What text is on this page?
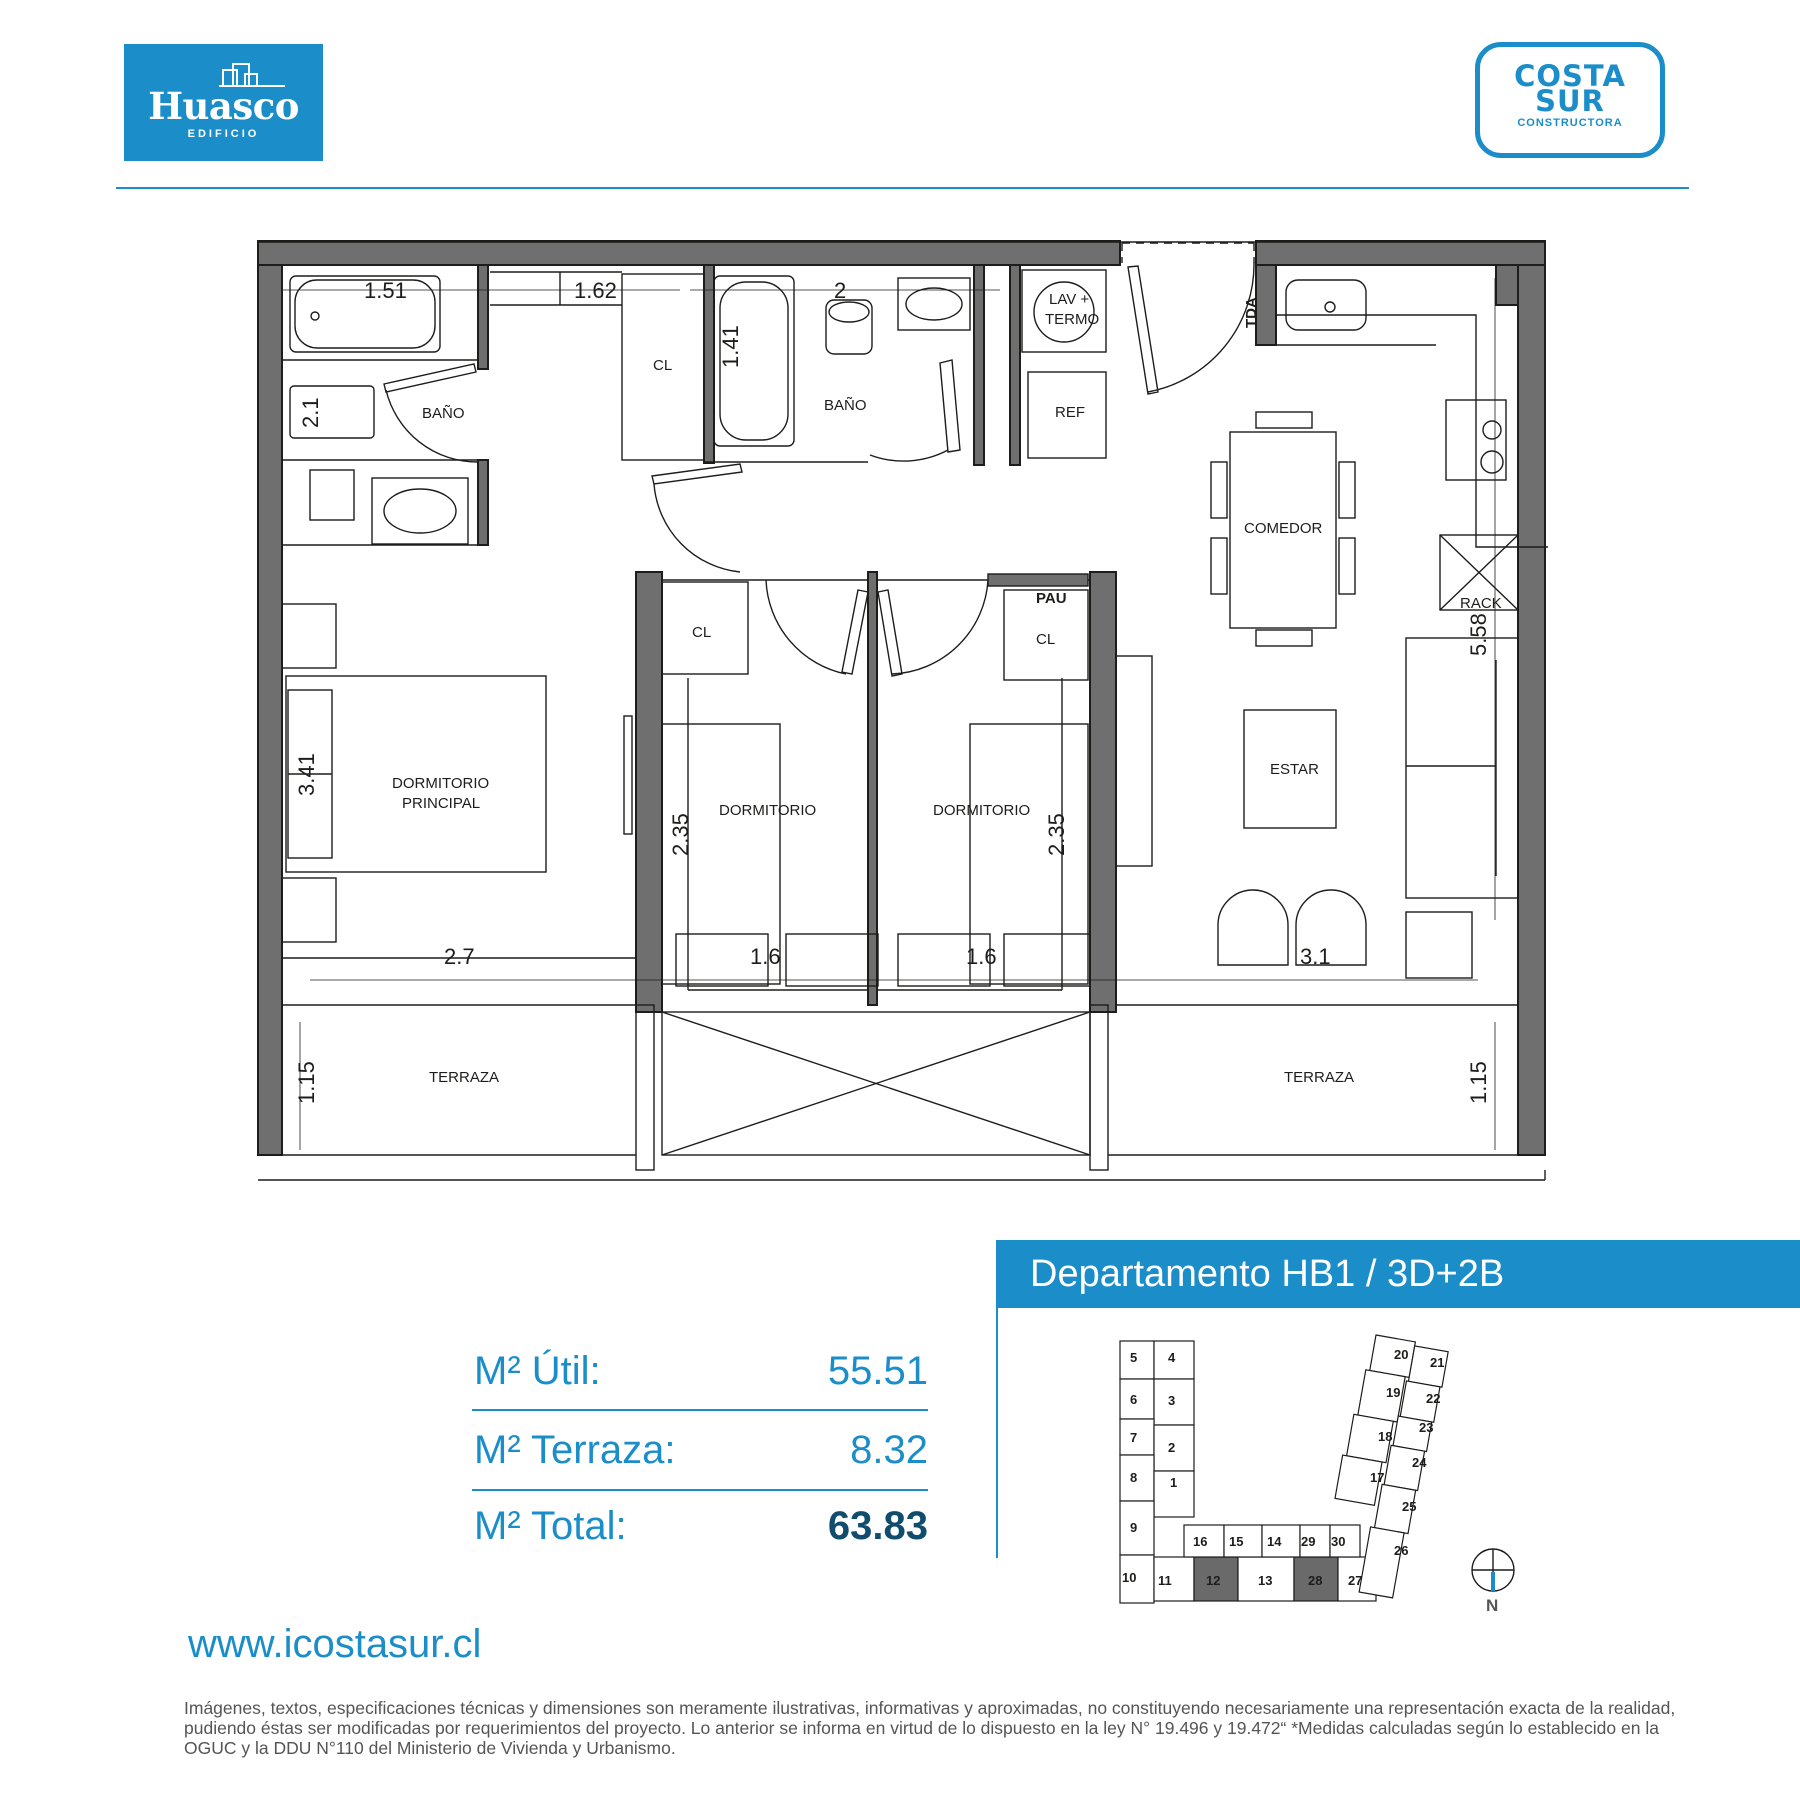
Huasco
EDIFICIO
COSTA
SUR
CONSTRUCTORA
BAÑO
CL
BAÑO
LAV +
TERMO
REF
TDA
COMEDOR
RACK
CL
PAU
CL
DORMITORIO
PRINCIPAL	DORMITORIO	DORMITORIO
ESTAR
TERRAZA	TERRAZA
1.51	1.62	2
1.41
2.1
3.41
2.35	2.35
2.7	1.6	1.6	3.1
5.58
1.15	1.15
Departamento HB1 / 3D+2B
M² Útil:	55.51
M² Terraza:	8.32
M² Total:	63.83
5 4
6 3
7
2
8	1
9
10 11	12	13	28 27
16 15 14 29 30
20
21
19 22
18
23
17
24
25
26
N
www.icostasur.cl
Imágenes, textos, especificaciones técnicas y dimensiones son meramente ilustrativas, informativas y aproximadas, no constituyendo necesariamente una representación exacta de la realidad, pudiendo éstas ser modificadas por requerimientos del proyecto. Lo anterior se informa en virtud de lo dispuesto en la ley N° 19.496 y 19.472“ *Medidas calculadas según lo establecido en la OGUC y la DDU N°110 del Ministerio de Vivienda y Urbanismo.
